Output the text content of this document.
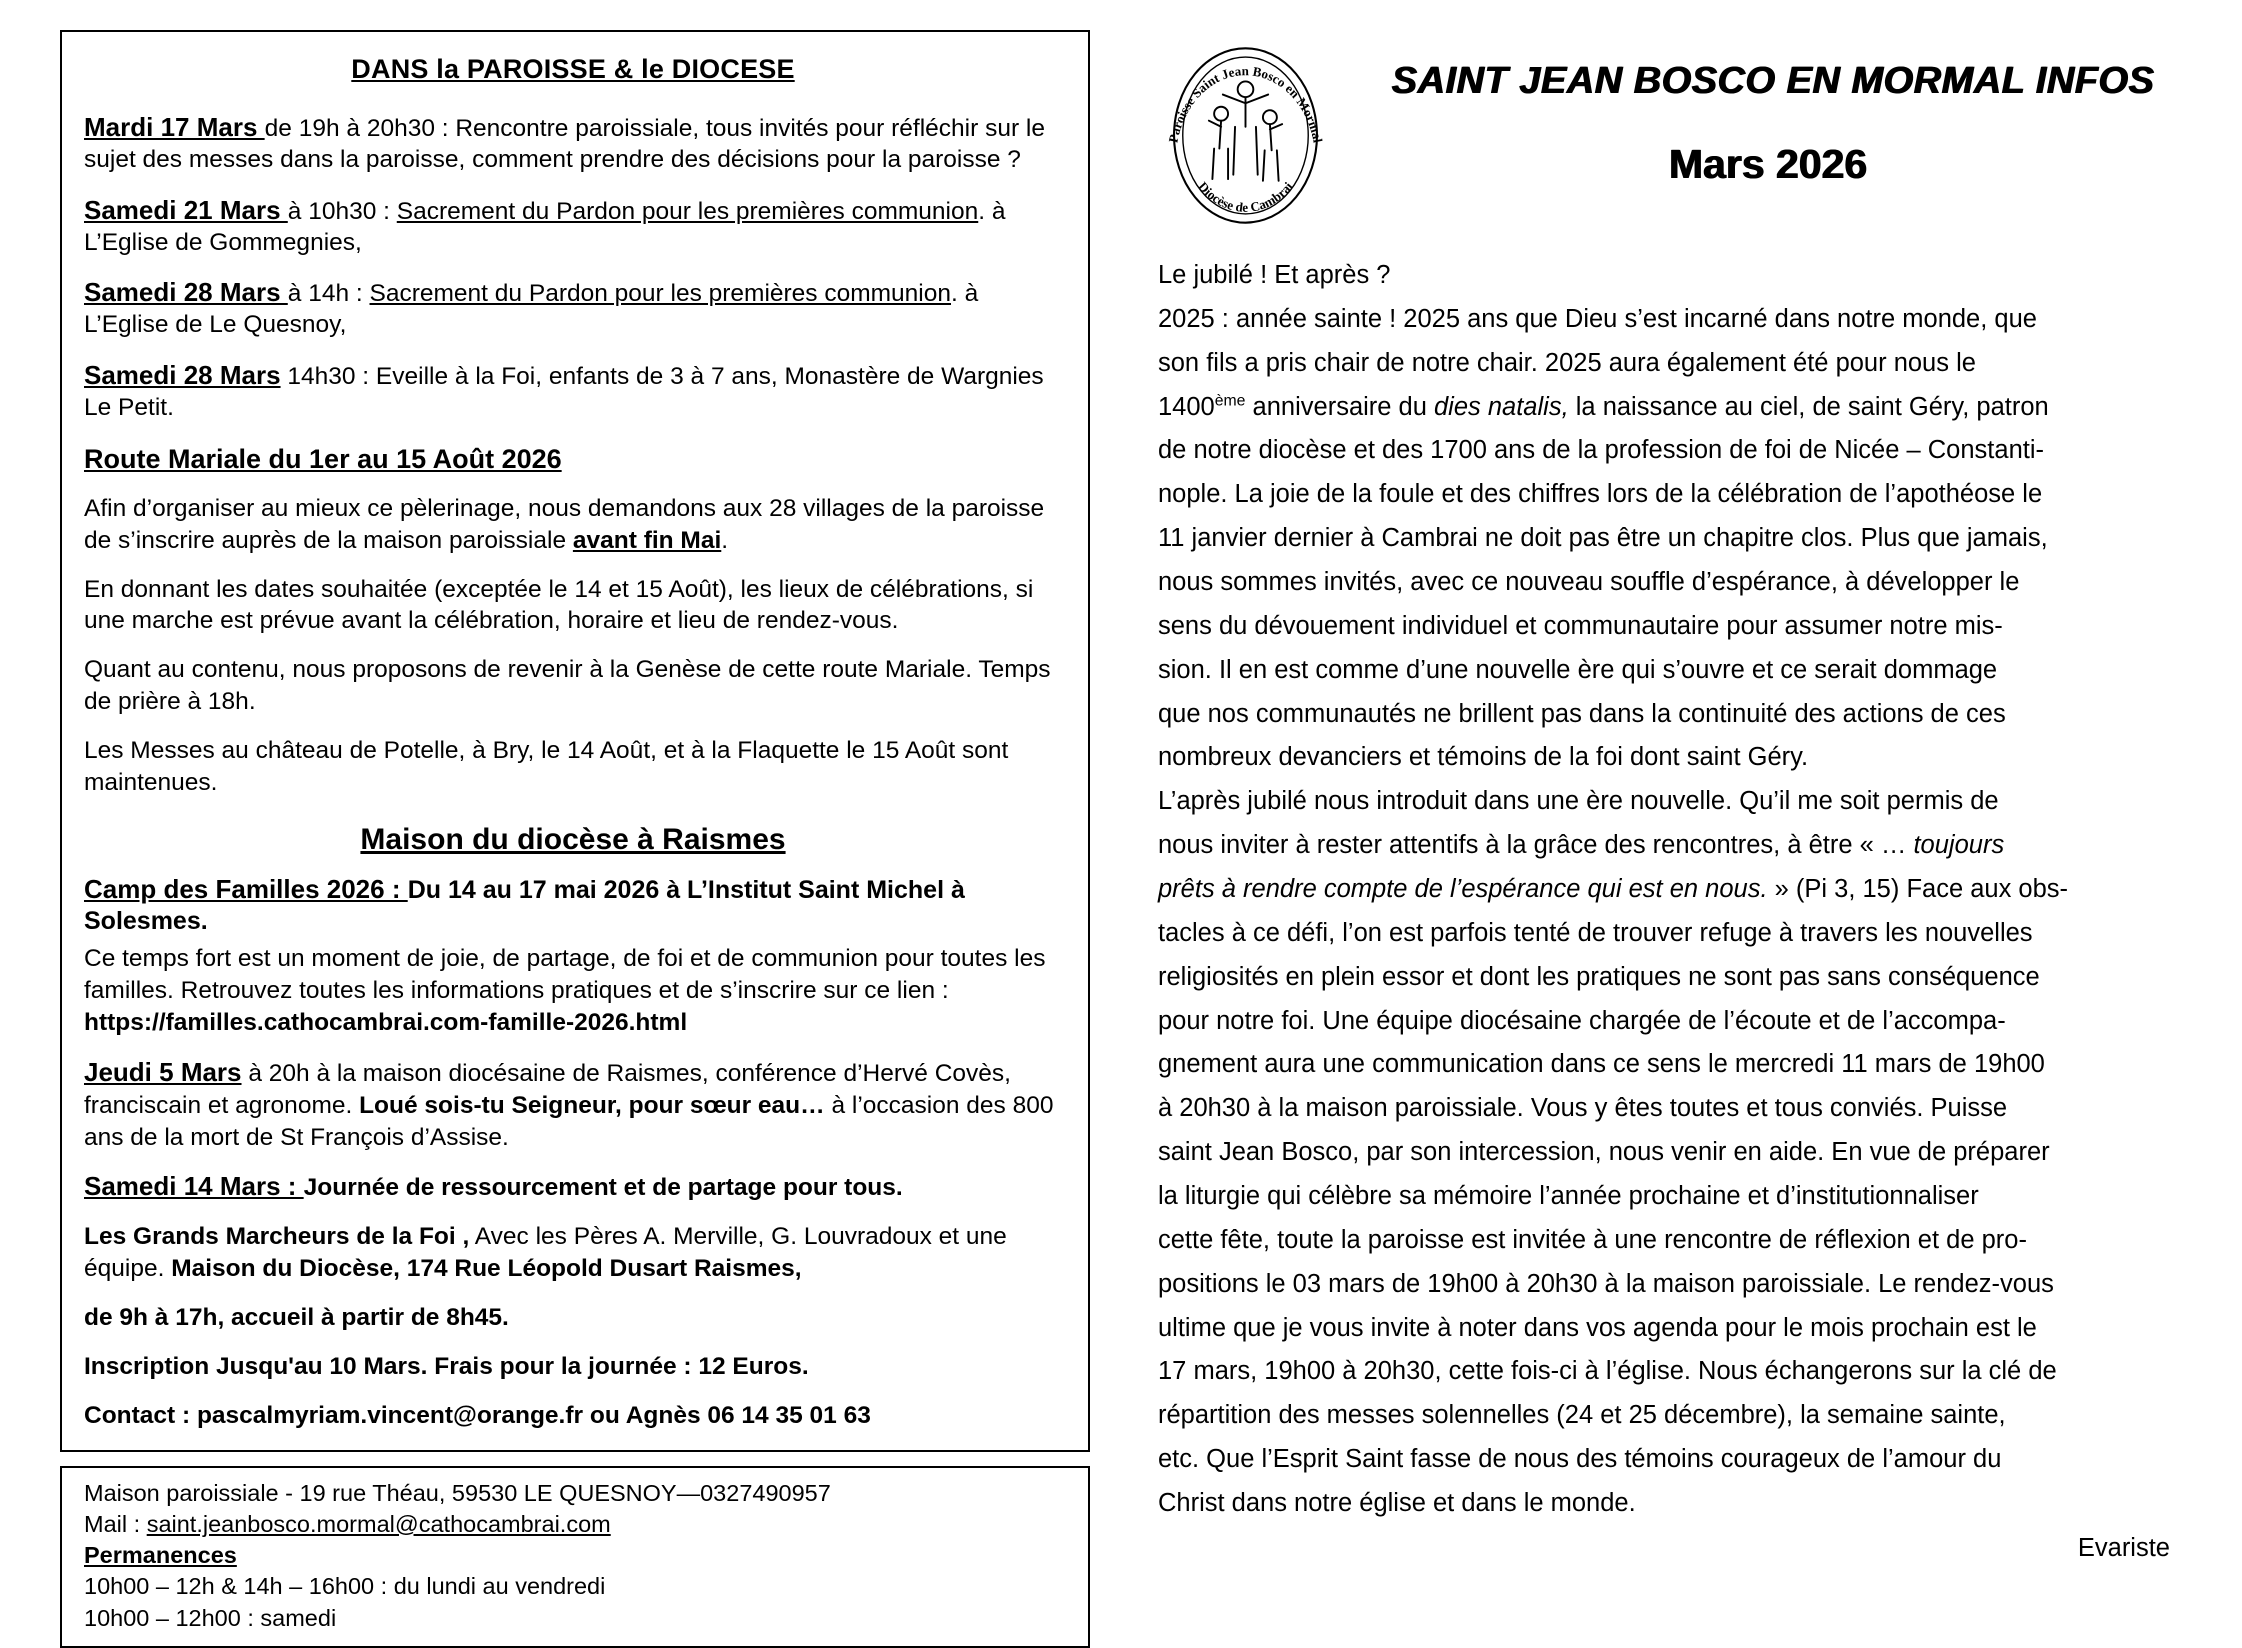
DANS la PAROISSE & le DIOCESE

Mardi 17 Mars de 19h à 20h30 : Rencontre paroissiale, tous invités pour réfléchir sur le sujet des messes dans la paroisse, comment prendre des décisions pour la paroisse ?

Samedi 21 Mars à 10h30 : Sacrement du Pardon pour les premières communion. à L’Eglise de Gommegnies,

Samedi 28 Mars à 14h : Sacrement du Pardon pour les premières communion. à L’Eglise de Le Quesnoy,

Samedi 28 Mars 14h30 : Eveille à la Foi, enfants de 3 à 7 ans, Monastère de Wargnies Le Petit.

Route Mariale du 1er au 15 Août 2026

Afin d’organiser au mieux ce pèlerinage, nous demandons aux 28 villages de la paroisse de s’inscrire auprès de la maison paroissiale avant fin Mai.

En donnant les dates souhaitée (exceptée le 14 et 15 Août), les lieux de célébrations, si une marche est prévue avant la célébration, horaire et lieu de rendez-vous.

Quant au contenu, nous proposons de revenir à la Genèse de cette route Mariale. Temps de prière à 18h.

Les Messes au château de Potelle, à Bry, le 14 Août, et à la Flaquette le 15 Août sont maintenues.

Maison du diocèse à Raismes

Camp des Familles 2026 : Du 14 au 17 mai 2026 à L’Institut Saint Michel à Solesmes.

Ce temps fort est un moment de joie, de partage, de foi et de communion pour toutes les familles. Retrouvez toutes les informations pratiques et de s’inscrire sur ce lien : https://familles.cathocambrai.com-famille-2026.html

Jeudi 5 Mars à 20h à la maison diocésaine de Raismes, conférence d’Hervé Covès, franciscain et agronome. Loué sois-tu Seigneur, pour sœur eau… à l’occasion des 800 ans de la mort de St François d’Assise.

Samedi 14 Mars : Journée de ressourcement et de partage pour tous.

Les Grands Marcheurs de la Foi , Avec les Pères A. Merville, G. Louvradoux et une équipe. Maison du Diocèse, 174 Rue Léopold Dusart Raismes,

de 9h à 17h, accueil à partir de 8h45.

Inscription Jusqu'au 10 Mars. Frais pour la journée : 12 Euros.

Contact : pascalmyriam.vincent@orange.fr ou Agnès 06 14 35 01 63

Maison paroissiale - 19 rue Théau, 59530 LE QUESNOY—0327490957

Mail : saint.jeanbosco.mormal@cathocambrai.com

Permanences

10h00 – 12h & 14h – 16h00 : du lundi au vendredi

10h00 – 12h00 : samedi

Paroisse Saint Jean Bosco en Mormal
Diocèse de Cambrai
SAINT JEAN BOSCO EN MORMAL INFOS
Mars 2026

Le jubilé ! Et après ?

2025 : année sainte ! 2025 ans que Dieu s’est incarné dans notre monde, que

son fils a pris chair de notre chair. 2025 aura également été pour nous le

1400ème anniversaire du dies natalis, la naissance au ciel, de saint Géry, patron

de notre diocèse et des 1700 ans de la profession de foi de Nicée – Constanti-

nople. La joie de la foule et des chiffres lors de la célébration de l’apothéose le

11 janvier dernier à Cambrai ne doit pas être un chapitre clos. Plus que jamais,

nous sommes invités, avec ce nouveau souffle d’espérance, à développer le

sens du dévouement individuel et communautaire pour assumer notre mis-

sion. Il en est comme d’une nouvelle ère qui s’ouvre et ce serait dommage

que nos communautés ne brillent pas dans la continuité des actions de ces

nombreux devanciers et témoins de la foi dont saint Géry.

L’après jubilé nous introduit dans une ère nouvelle. Qu’il me soit permis de

nous inviter à rester attentifs à la grâce des rencontres, à être « … toujours

prêts à rendre compte de l’espérance qui est en nous. » (Pi 3, 15) Face aux obs-

tacles à ce défi, l’on est parfois tenté de trouver refuge à travers les nouvelles

religiosités en plein essor et dont les pratiques ne sont pas sans conséquence

pour notre foi. Une équipe diocésaine chargée de l’écoute et de l’accompa-

gnement aura une communication dans ce sens le mercredi 11 mars de 19h00

à 20h30 à la maison paroissiale. Vous y êtes toutes et tous conviés. Puisse

saint Jean Bosco, par son intercession, nous venir en aide. En vue de préparer

la liturgie qui célèbre sa mémoire l’année prochaine et d’institutionnaliser

cette fête, toute la paroisse est invitée à une rencontre de réflexion et de pro-

positions le 03 mars de 19h00 à 20h30 à la maison paroissiale. Le rendez-vous

ultime que je vous invite à noter dans vos agenda pour le mois prochain est le

17 mars, 19h00 à 20h30, cette fois-ci à l’église. Nous échangerons sur la clé de

répartition des messes solennelles (24 et 25 décembre), la semaine sainte,

etc. Que l’Esprit Saint fasse de nous des témoins courageux de l’amour du

Christ dans notre église et dans le monde.

Evariste
